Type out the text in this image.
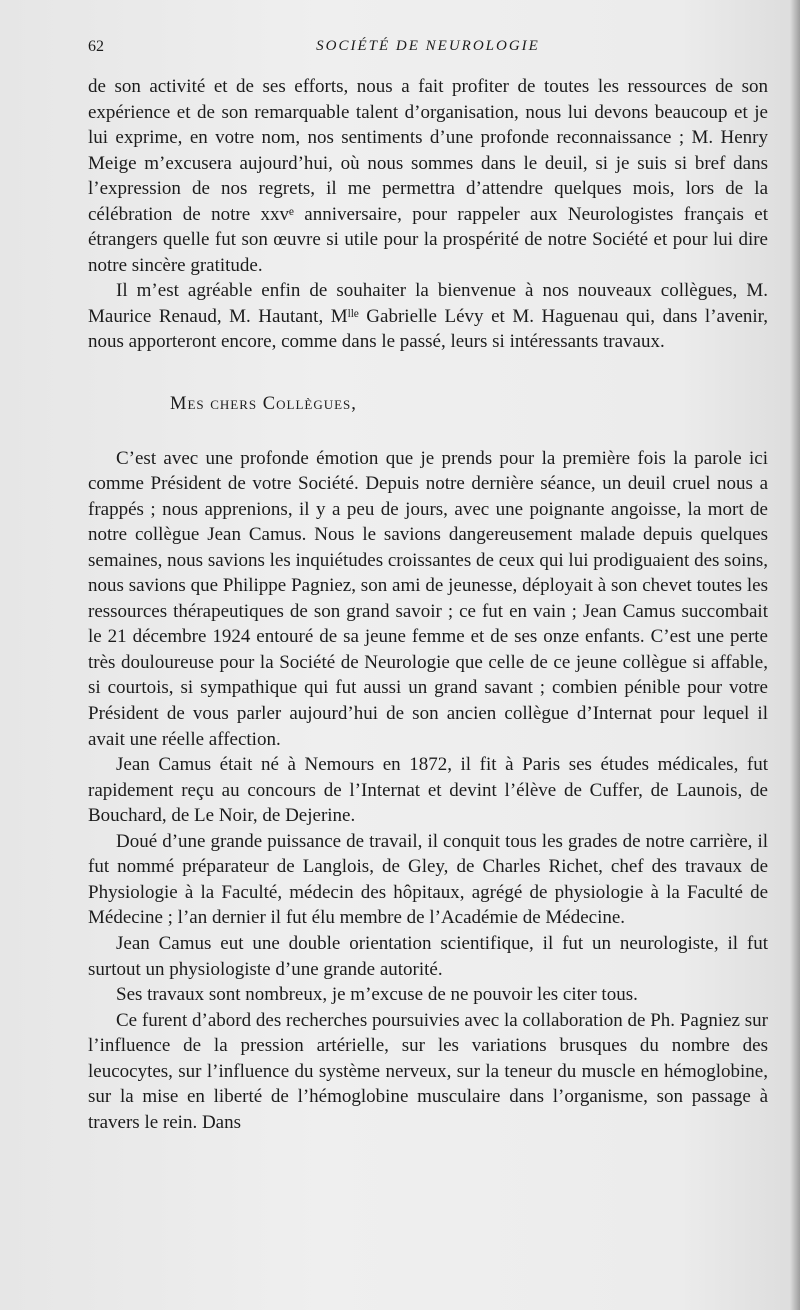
62	SOCIÉTÉ DE NEUROLOGIE

de son activité et de ses efforts, nous a fait profiter de toutes les ressources de son expérience et de son remarquable talent d’organisation, nous lui devons beaucoup et je lui exprime, en votre nom, nos sentiments d’une profonde reconnaissance ; M. Henry Meige m’excusera aujourd’hui, où nous sommes dans le deuil, si je suis si bref dans l’expression de nos regrets, il me permettra d’attendre quelques mois, lors de la célébration de notre xxvᵉ anniversaire, pour rappeler aux Neurologistes français et étrangers quelle fut son œuvre si utile pour la prospérité de notre Société et pour lui dire notre sincère gratitude.

Il m’est agréable enfin de souhaiter la bienvenue à nos nouveaux collègues, M. Maurice Renaud, M. Hautant, Mˡˡᵉ Gabrielle Lévy et M. Haguenau qui, dans l’avenir, nous apporteront encore, comme dans le passé, leurs si intéressants travaux.

Mes chers Collègues,

C’est avec une profonde émotion que je prends pour la première fois la parole ici comme Président de votre Société. Depuis notre dernière séance, un deuil cruel nous a frappés ; nous apprenions, il y a peu de jours, avec une poignante angoisse, la mort de notre collègue Jean Camus. Nous le savions dangereusement malade depuis quelques semaines, nous savions les inquiétudes croissantes de ceux qui lui prodiguaient des soins, nous savions que Philippe Pagniez, son ami de jeunesse, déployait à son chevet toutes les ressources thérapeutiques de son grand savoir ; ce fut en vain ; Jean Camus succombait le 21 décembre 1924 entouré de sa jeune femme et de ses onze enfants. C’est une perte très douloureuse pour la Société de Neurologie que celle de ce jeune collègue si affable, si courtois, si sympathique qui fut aussi un grand savant ; combien pénible pour votre Président de vous parler aujourd’hui de son ancien collègue d’Internat pour lequel il avait une réelle affection.

Jean Camus était né à Nemours en 1872, il fit à Paris ses études médicales, fut rapidement reçu au concours de l’Internat et devint l’élève de Cuffer, de Launois, de Bouchard, de Le Noir, de Dejerine.

Doué d’une grande puissance de travail, il conquit tous les grades de notre carrière, il fut nommé préparateur de Langlois, de Gley, de Charles Richet, chef des travaux de Physiologie à la Faculté, médecin des hôpitaux, agrégé de physiologie à la Faculté de Médecine ; l’an dernier il fut élu membre de l’Académie de Médecine.

Jean Camus eut une double orientation scientifique, il fut un neurologiste, il fut surtout un physiologiste d’une grande autorité.

Ses travaux sont nombreux, je m’excuse de ne pouvoir les citer tous.

Ce furent d’abord des recherches poursuivies avec la collaboration de Ph. Pagniez sur l’influence de la pression artérielle, sur les variations brusques du nombre des leucocytes, sur l’influence du système nerveux, sur la teneur du muscle en hémoglobine, sur la mise en liberté de l’hémoglobine musculaire dans l’organisme, son passage à travers le rein. Dans
